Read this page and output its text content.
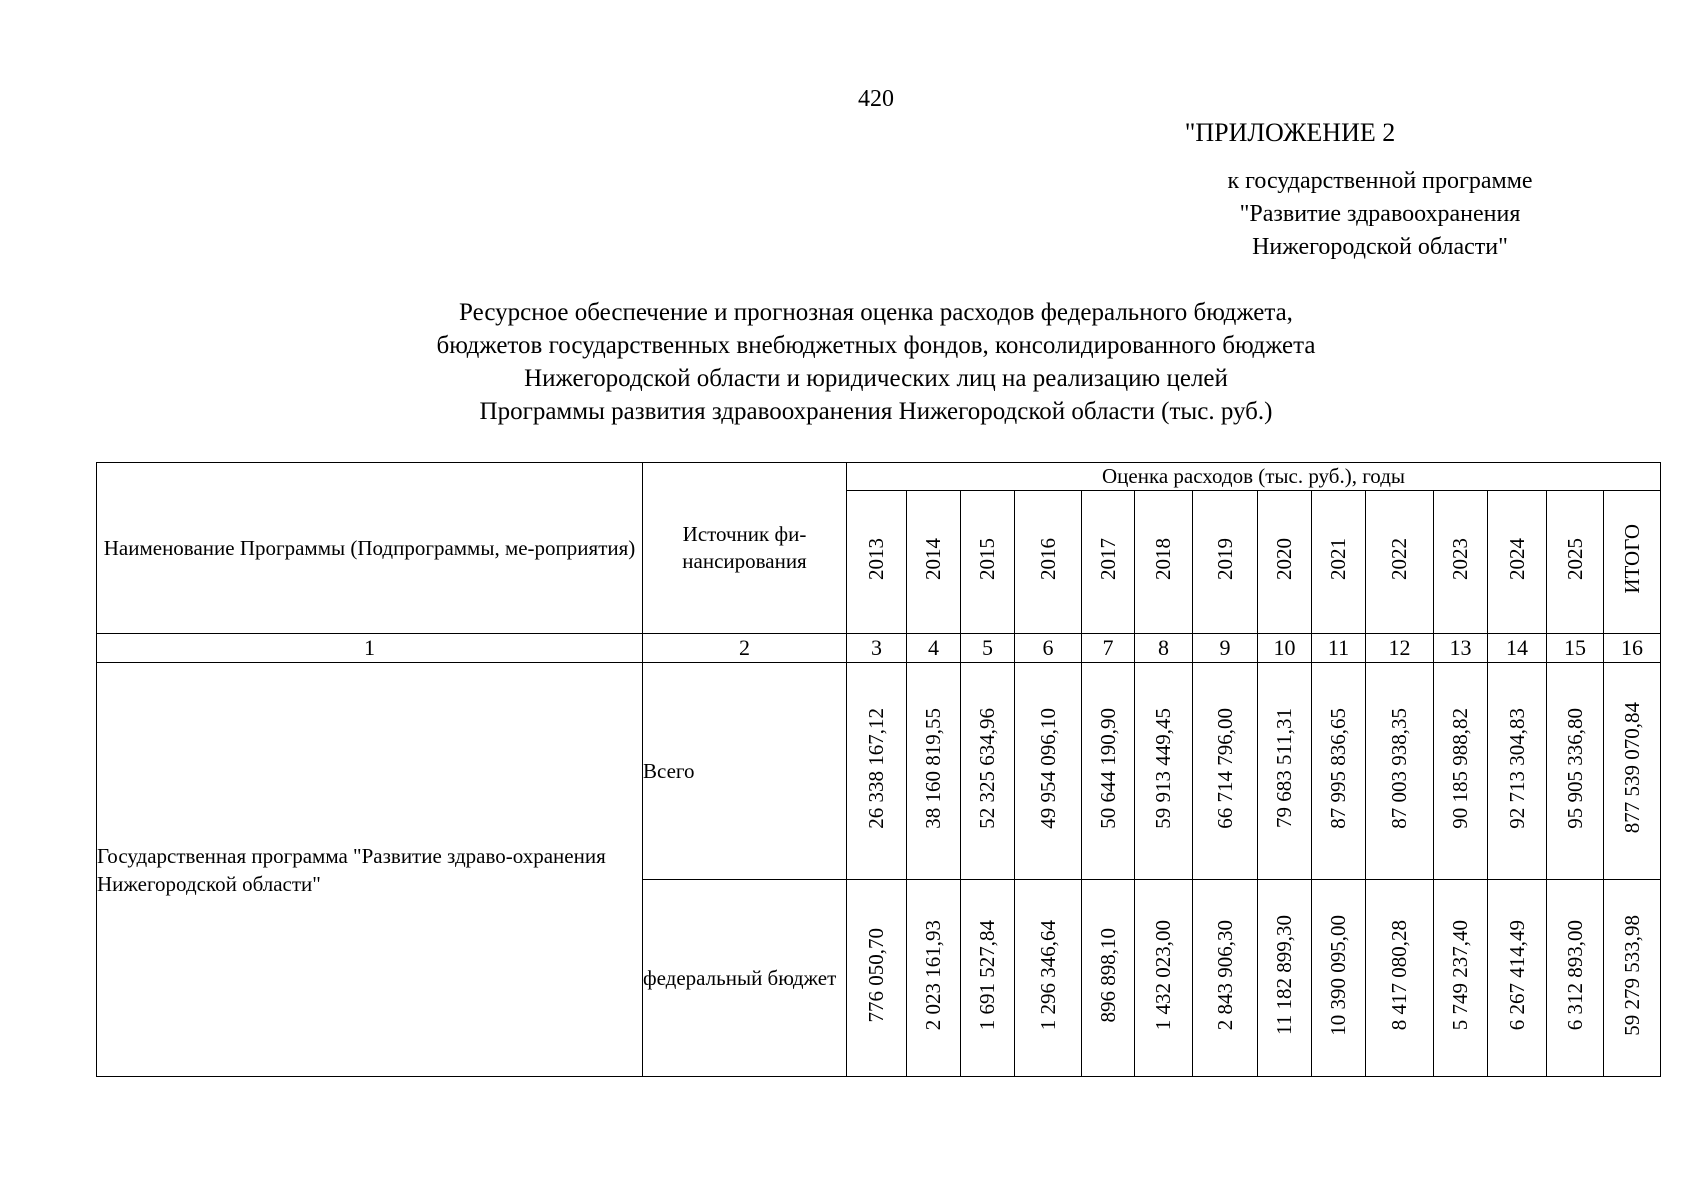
420
"ПРИЛОЖЕНИЕ 2
к государственной программе
"Развитие здравоохранения
Нижегородской области"
Ресурсное обеспечение и прогнозная оценка расходов федерального бюджета,
бюджетов государственных внебюджетных фондов, консолидированного бюджета
Нижегородской области и юридических лиц на реализацию целей
Программы развития здравоохранения Нижегородской области (тыс. руб.)
Наименование Программы (Подпрограммы, ме-роприятия)	Источник фи-нансирования	Оценка расходов (тыс. руб.), годы													
		2013	2014	2015	2016	2017	2018	2019	2020	2021	2022	2023	2024	2025	ИТОГО
1	2	3	4	5	6	7	8	9	10	11	12	13	14	15	16
Государственная программа "Развитие здраво-охранения Нижегородской области"	Всего	26 338 167,12	38 160 819,55	52 325 634,96	49 954 096,10	50 644 190,90	59 913 449,45	66 714 796,00	79 683 511,31	87 995 836,65	87 003 938,35	90 185 988,82	92 713 304,83	95 905 336,80	877 539 070,84
	федеральный бюджет	776 050,70	2 023 161,93	1 691 527,84	1 296 346,64	896 898,10	1 432 023,00	2 843 906,30	11 182 899,30	10 390 095,00	8 417 080,28	5 749 237,40	6 267 414,49	6 312 893,00	59 279 533,98
